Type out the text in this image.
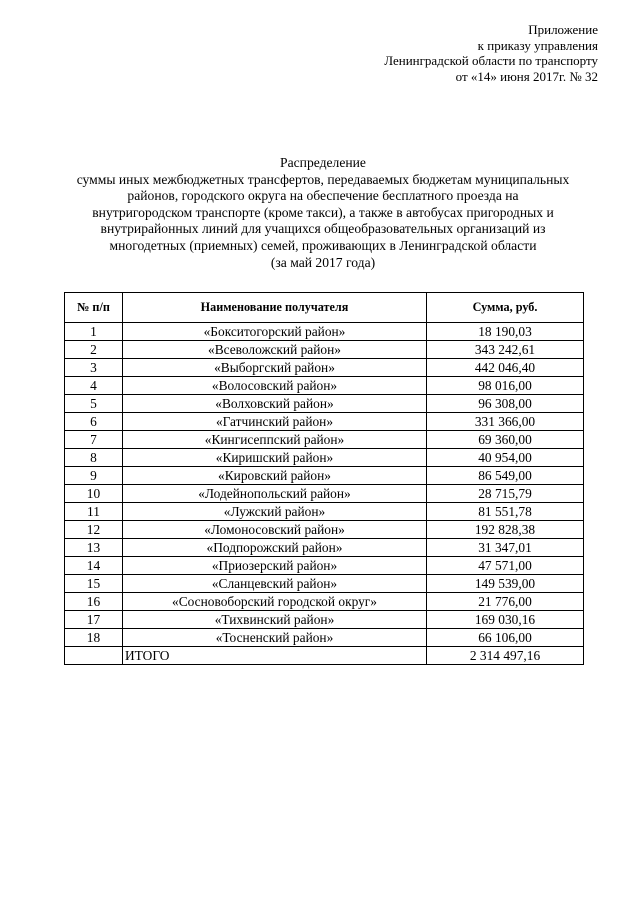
Приложение
к приказу управления
Ленинградской области по транспорту
от «14» июня 2017г. № 32
Распределение
суммы иных межбюджетных трансфертов, передаваемых бюджетам муниципальных
районов, городского округа на обеспечение бесплатного проезда на
внутригородском транспорте (кроме такси), а также в автобусах пригородных и
внутрирайонных линий для учащихся общеобразовательных организаций из
многодетных (приемных) семей, проживающих в Ленинградской области
(за май 2017 года)
№ п/п	Наименование получателя	Сумма, руб.
1	«Бокситогорский район»	18 190,03
2	«Всеволожский район»	343 242,61
3	«Выборгский район»	442 046,40
4	«Волосовский район»	98 016,00
5	«Волховский район»	96 308,00
6	«Гатчинский район»	331 366,00
7	«Кингисеппский район»	69 360,00
8	«Киришский район»	40 954,00
9	«Кировский район»	86 549,00
10	«Лодейнопольский район»	28 715,79
11	«Лужский район»	81 551,78
12	«Ломоносовский район»	192 828,38
13	«Подпорожский район»	31 347,01
14	«Приозерский район»	47 571,00
15	«Сланцевский район»	149 539,00
16	«Сосновоборский городской округ»	21 776,00
17	«Тихвинский район»	169 030,16
18	«Тосненский район»	66 106,00
	ИТОГО	2 314 497,16
